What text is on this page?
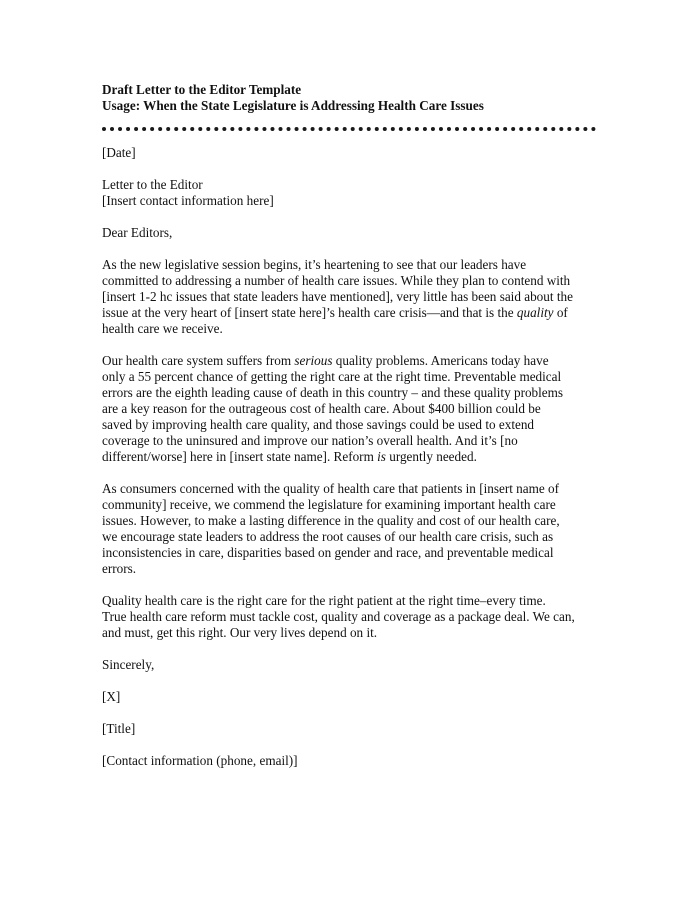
Draft Letter to the Editor Template

Usage: When the State Legislature is Addressing Health Care Issues

[Date]

Letter to the Editor
[Insert contact information here]

Dear Editors,

As the new legislative session begins, it’s heartening to see that our leaders have
committed to addressing a number of health care issues. While they plan to contend with
[insert 1-2 hc issues that state leaders have mentioned], very little has been said about the
issue at the very heart of [insert state here]’s health care crisis—and that is the quality of
health care we receive.
Our health care system suffers from serious quality problems. Americans today have
only a 55 percent chance of getting the right care at the right time. Preventable medical
errors are the eighth leading cause of death in this country – and these quality problems
are a key reason for the outrageous cost of health care. About $400 billion could be
saved by improving health care quality, and those savings could be used to extend
coverage to the uninsured and improve our nation’s overall health. And it’s [no
different/worse] here in [insert state name]. Reform is urgently needed.
As consumers concerned with the quality of health care that patients in [insert name of
community] receive, we commend the legislature for examining important health care
issues. However, to make a lasting difference in the quality and cost of our health care,
we encourage state leaders to address the root causes of our health care crisis, such as
inconsistencies in care, disparities based on gender and race, and preventable medical
errors.
Quality health care is the right care for the right patient at the right time–every time.
True health care reform must tackle cost, quality and coverage as a package deal. We can,
and must, get this right. Our very lives depend on it.

Sincerely,

[X]

[Title]

[Contact information (phone, email)]
